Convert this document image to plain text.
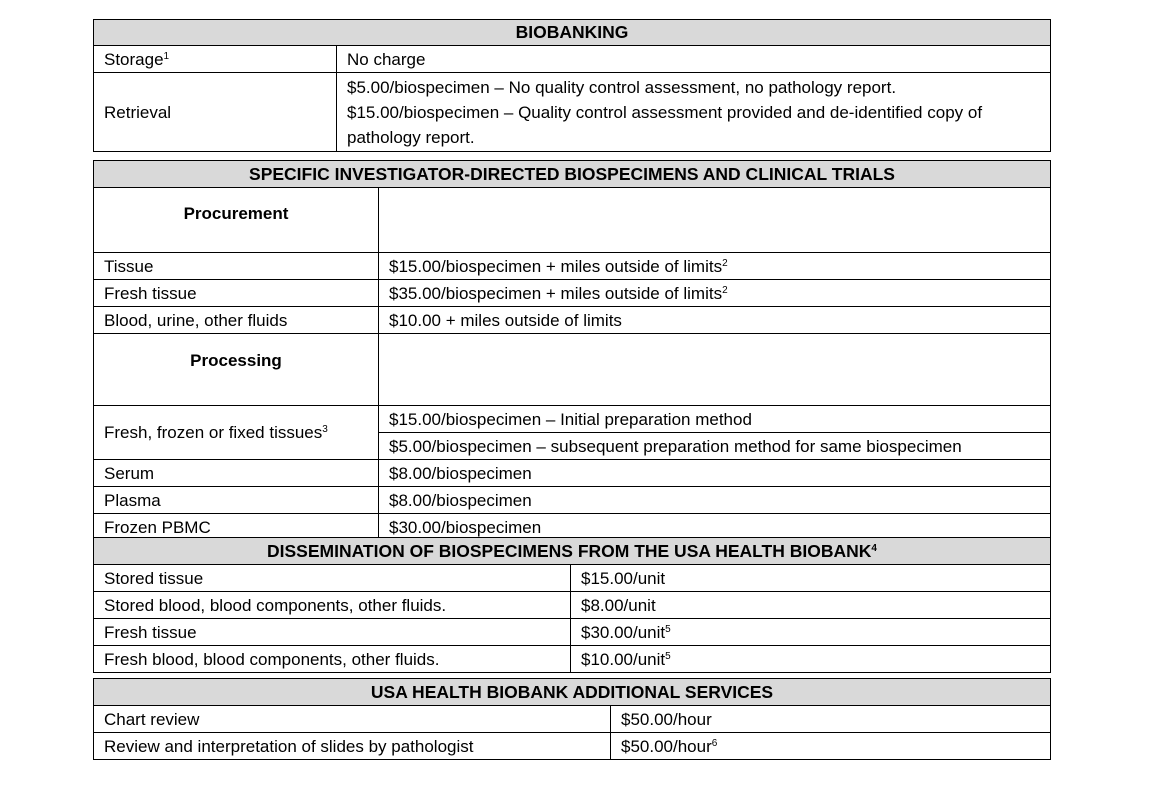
BIOBANKING	
Storage$^1$	No charge
Retrieval	$5.00/biospecimen – No quality control assessment, no pathology report.
$15.00/biospecimen – Quality control assessment provided and de-identified copy of pathology report.
SPECIFIC INVESTIGATOR-DIRECTED BIOSPECIMENS AND CLINICAL TRIALS	
Procurement	
Tissue	$15.00/biospecimen + miles outside of limits$^2$
Fresh tissue	$35.00/biospecimen + miles outside of limits$^2$
Blood, urine, other fluids	$10.00 + miles outside of limits
Processing	
Fresh, frozen or fixed tissues$^3$	$15.00/biospecimen – Initial preparation method
	$5.00/biospecimen – subsequent preparation method for same biospecimen
Serum	$8.00/biospecimen
Plasma	$8.00/biospecimen
Frozen PBMC	$30.00/biospecimen
DISSEMINATION OF BIOSPECIMENS FROM THE USA HEALTH BIOBANK$^4$
Stored tissue	$15.00/unit
Stored blood, blood components, other fluids.	$8.00/unit
Fresh tissue	$30.00/unit$^5$
Fresh blood, blood components, other fluids.	$10.00/unit$^5$
USA HEALTH BIOBANK ADDITIONAL SERVICES	
Chart review	$50.00/hour
Review and interpretation of slides by pathologist	$50.00/hour$^6$
